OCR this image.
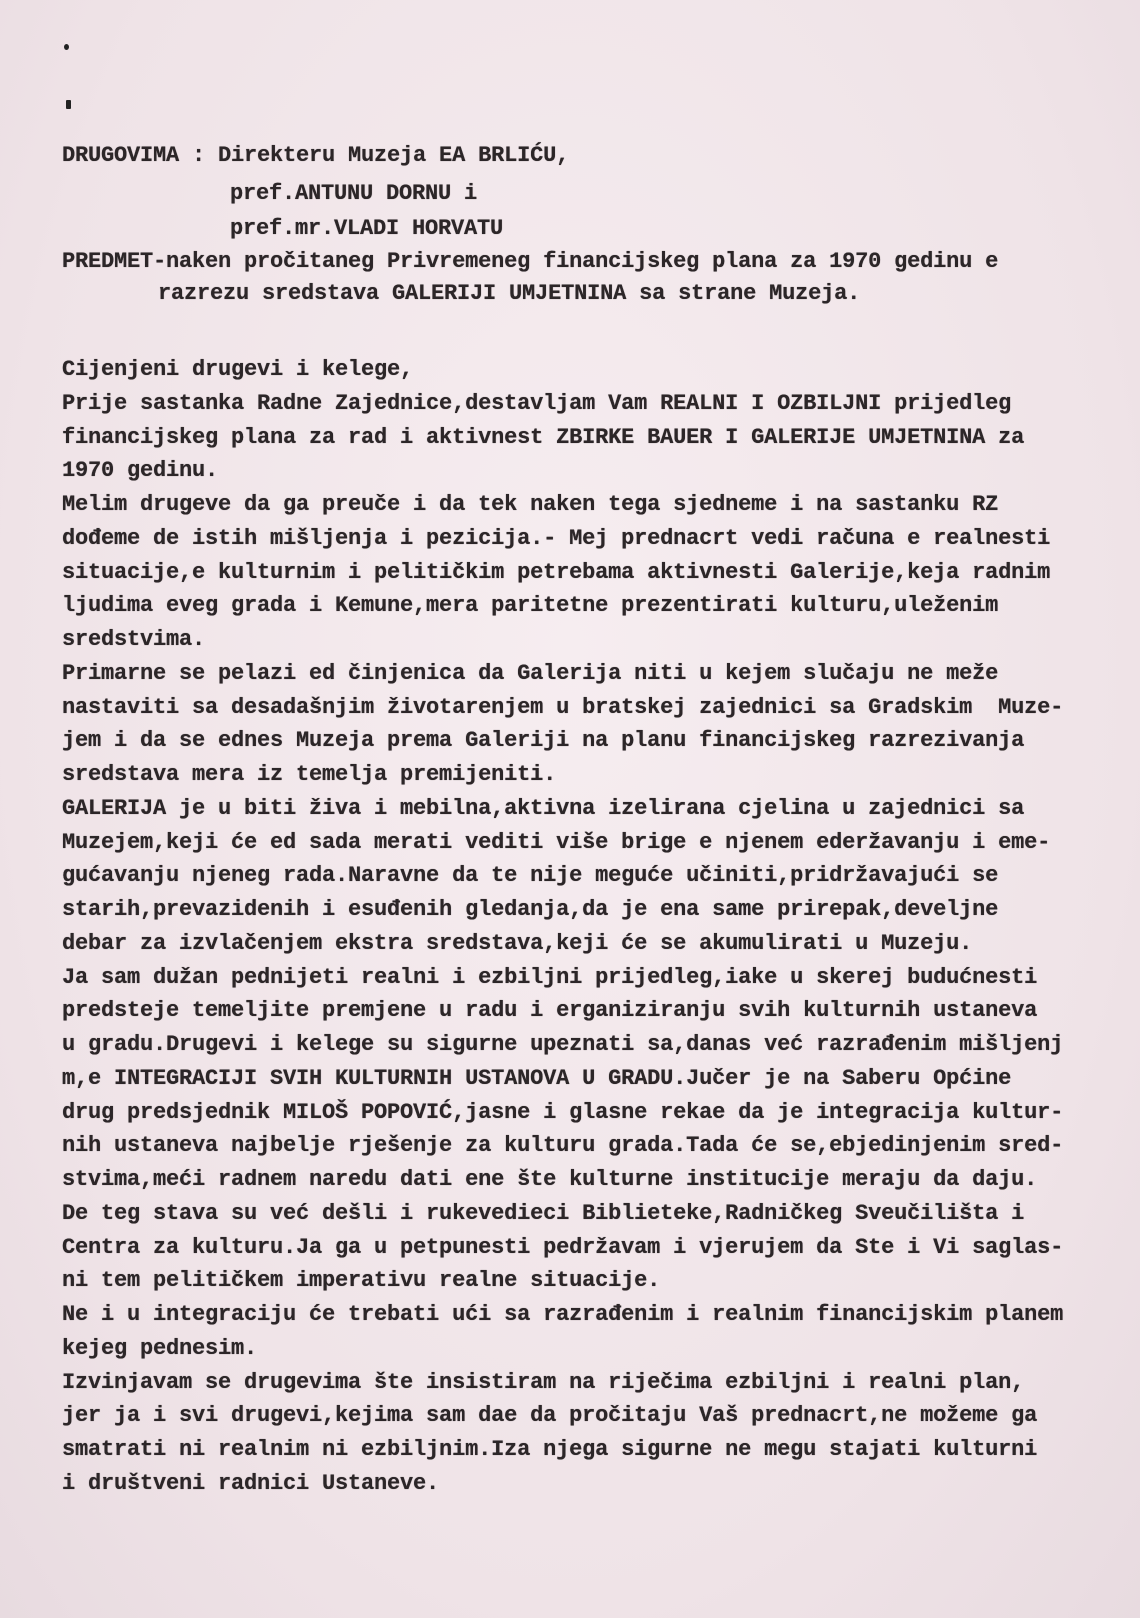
DRUGOVIMA : Direkteru Muzeja EA BRLIĆU,
pref.ANTUNU DORNU i
pref.mr.VLADI HORVATU
PREDMET-naken pročitaneg Privremeneg financijskeg plana za 1970 gedinu e
razrezu sredstava GALERIJI UMJETNINA sa strane Muzeja.
Cijenjeni drugevi i kelege,
Prije sastanka Radne Zajednice,destavljam Vam REALNI I OZBILJNI prijedleg
financijskeg plana za rad i aktivnest ZBIRKE BAUER I GALERIJE UMJETNINA za
1970 gedinu.
Melim drugeve da ga preuče i da tek naken tega sjedneme i na sastanku RZ
dođeme de istih mišljenja i pezicija.- Mej prednacrt vedi računa e realnesti
situacije,e kulturnim i pelitičkim petrebama aktivnesti Galerije,keja radnim
ljudima eveg grada i Kemune,mera paritetne prezentirati kulturu,uleženim
sredstvima.
Primarne se pelazi ed činjenica da Galerija niti u kejem slučaju ne meže
nastaviti sa desadašnjim životarenjem u bratskej zajednici sa Gradskim  Muze-
jem i da se ednes Muzeja prema Galeriji na planu financijskeg razrezivanja
sredstava mera iz temelja premijeniti.
GALERIJA je u biti živa i mebilna,aktivna izelirana cjelina u zajednici sa
Muzejem,keji će ed sada merati vediti više brige e njenem ederžavanju i eme-
gućavanju njeneg rada.Naravne da te nije meguće učiniti,pridržavajući se
starih,prevazidenih i esuđenih gledanja,da je ena same prirepak,develjne
debar za izvlačenjem ekstra sredstava,keji će se akumulirati u Muzeju.
Ja sam dužan pednijeti realni i ezbiljni prijedleg,iake u skerej budućnesti
predsteje temeljite premjene u radu i erganiziranju svih kulturnih ustaneva
u gradu.Drugevi i kelege su sigurne upeznati sa,danas već razrađenim mišljenj
m,e INTEGRACIJI SVIH KULTURNIH USTANOVA U GRADU.Jučer je na Saberu Općine
drug predsjednik MILOŠ POPOVIĆ,jasne i glasne rekae da je integracija kultur-
nih ustaneva najbelje rješenje za kulturu grada.Tada će se,ebjedinjenim sred-
stvima,meći radnem naredu dati ene šte kulturne institucije meraju da daju.
De teg stava su već dešli i rukevedieci Biblieteke,Radničkeg Sveučilišta i
Centra za kulturu.Ja ga u petpunesti pedržavam i vjerujem da Ste i Vi saglas-
ni tem pelitičkem imperativu realne situacije.
Ne i u integraciju će trebati ući sa razrađenim i realnim financijskim planem
kejeg pednesim.
Izvinjavam se drugevima šte insistiram na riječima ezbiljni i realni plan,
jer ja i svi drugevi,kejima sam dae da pročitaju Vaš prednacrt,ne možeme ga
smatrati ni realnim ni ezbiljnim.Iza njega sigurne ne megu stajati kulturni
i društveni radnici Ustaneve.
